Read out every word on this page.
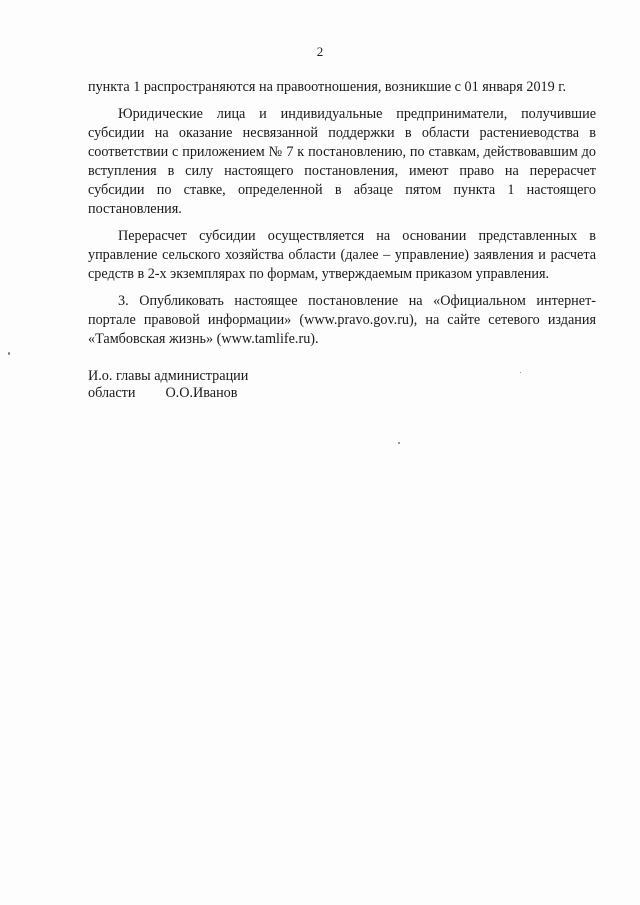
2

пункта 1 распространяются на правоотношения, возникшие с 01 января 2019 г.

Юридические лица и индивидуальные предприниматели, получившие субсидии на оказание несвязанной поддержки в области растениеводства в соответствии с приложением № 7 к постановлению, по ставкам, действовавшим до вступления в силу настоящего постановления, имеют право на перерасчет субсидии по ставке, определенной в абзаце пятом пункта 1 настоящего постановления.

Перерасчет субсидии осуществляется на основании представленных в управление сельского хозяйства области (далее – управление) заявления и расчета средств в 2-х экземплярах по формам, утверждаемым приказом управления.

3. Опубликовать настоящее постановление на «Официальном интернет-портале правовой информации» (www.pravo.gov.ru), на сайте сетевого издания «Тамбовская жизнь» (www.tamlife.ru).

И.о. главы администрации
области О.О.Иванов
